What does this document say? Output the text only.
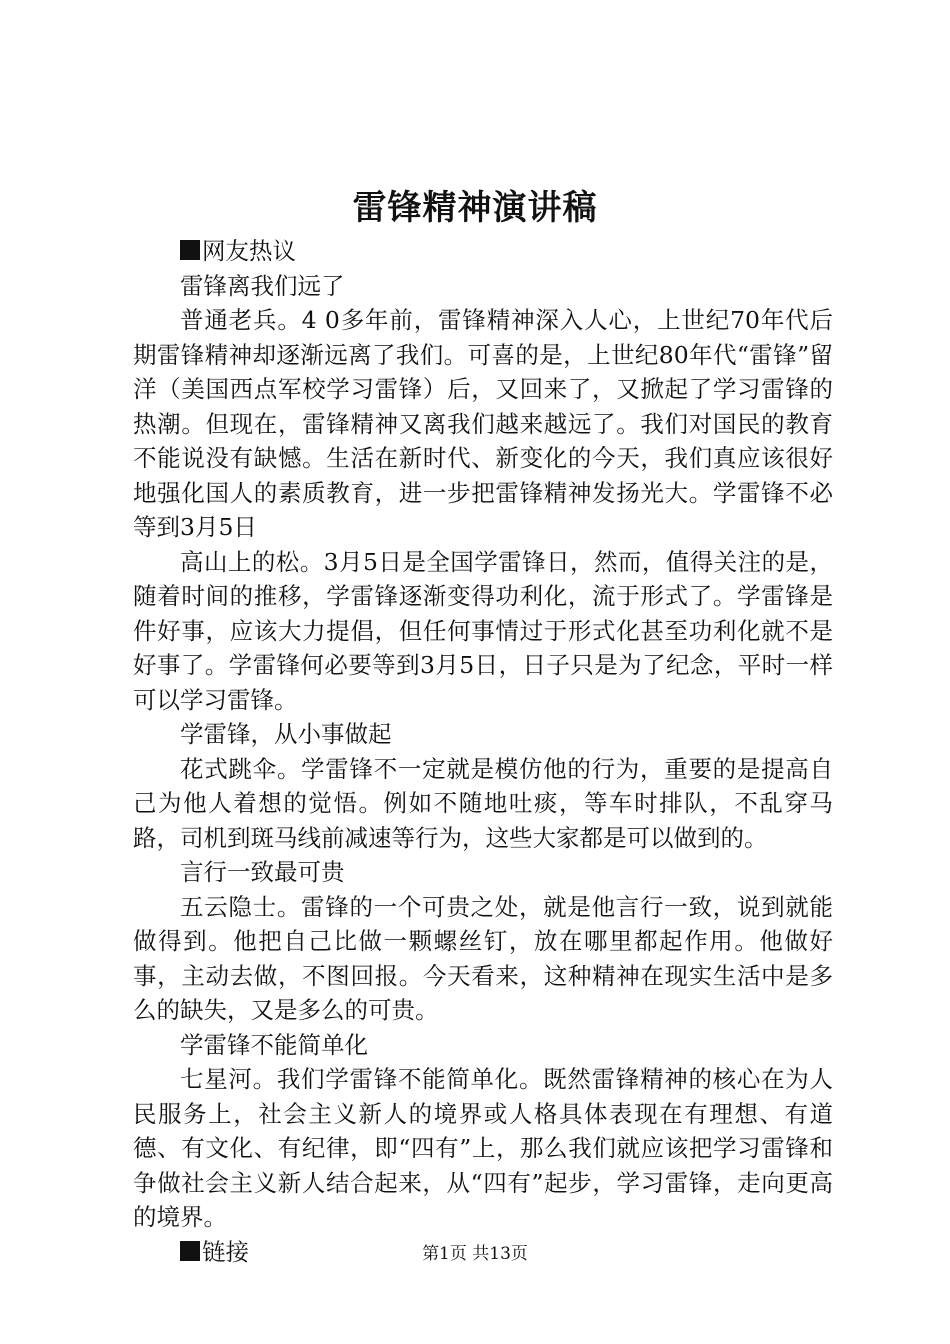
雷锋精神演讲稿

网友热议

雷锋离我们远了

普通老兵。4 0多年前，雷锋精神深入人心，上世纪70年代后期雷锋精神却逐渐远离了我们。可喜的是，上世纪80年代“雷锋”留洋（美国西点军校学习雷锋）后，又回来了，又掀起了学习雷锋的热潮。但现在，雷锋精神又离我们越来越远了。我们对国民的教育不能说没有缺憾。生活在新时代、新变化的今天，我们真应该很好地强化国人的素质教育，进一步把雷锋精神发扬光大。学雷锋不必等到3月5日

高山上的松。3月5日是全国学雷锋日，然而，值得关注的是，随着时间的推移，学雷锋逐渐变得功利化，流于形式了。学雷锋是件好事，应该大力提倡，但任何事情过于形式化甚至功利化就不是好事了。学雷锋何必要等到3月5日，日子只是为了纪念，平时一样可以学习雷锋。

学雷锋，从小事做起

花式跳伞。学雷锋不一定就是模仿他的行为，重要的是提高自己为他人着想的觉悟。例如不随地吐痰，等车时排队，不乱穿马路，司机到斑马线前减速等行为，这些大家都是可以做到的。

言行一致最可贵

五云隐士。雷锋的一个可贵之处，就是他言行一致，说到就能做得到。他把自己比做一颗螺丝钉，放在哪里都起作用。他做好事，主动去做，不图回报。今天看来，这种精神在现实生活中是多么的缺失，又是多么的可贵。

学雷锋不能简单化

七星河。我们学雷锋不能简单化。既然雷锋精神的核心在为人民服务上，社会主义新人的境界或人格具体表现在有理想、有道德、有文化、有纪律，即“四有”上，那么我们就应该把学习雷锋和争做社会主义新人结合起来，从“四有”起步，学习雷锋，走向更高的境界。

链接	第1页 共13页
